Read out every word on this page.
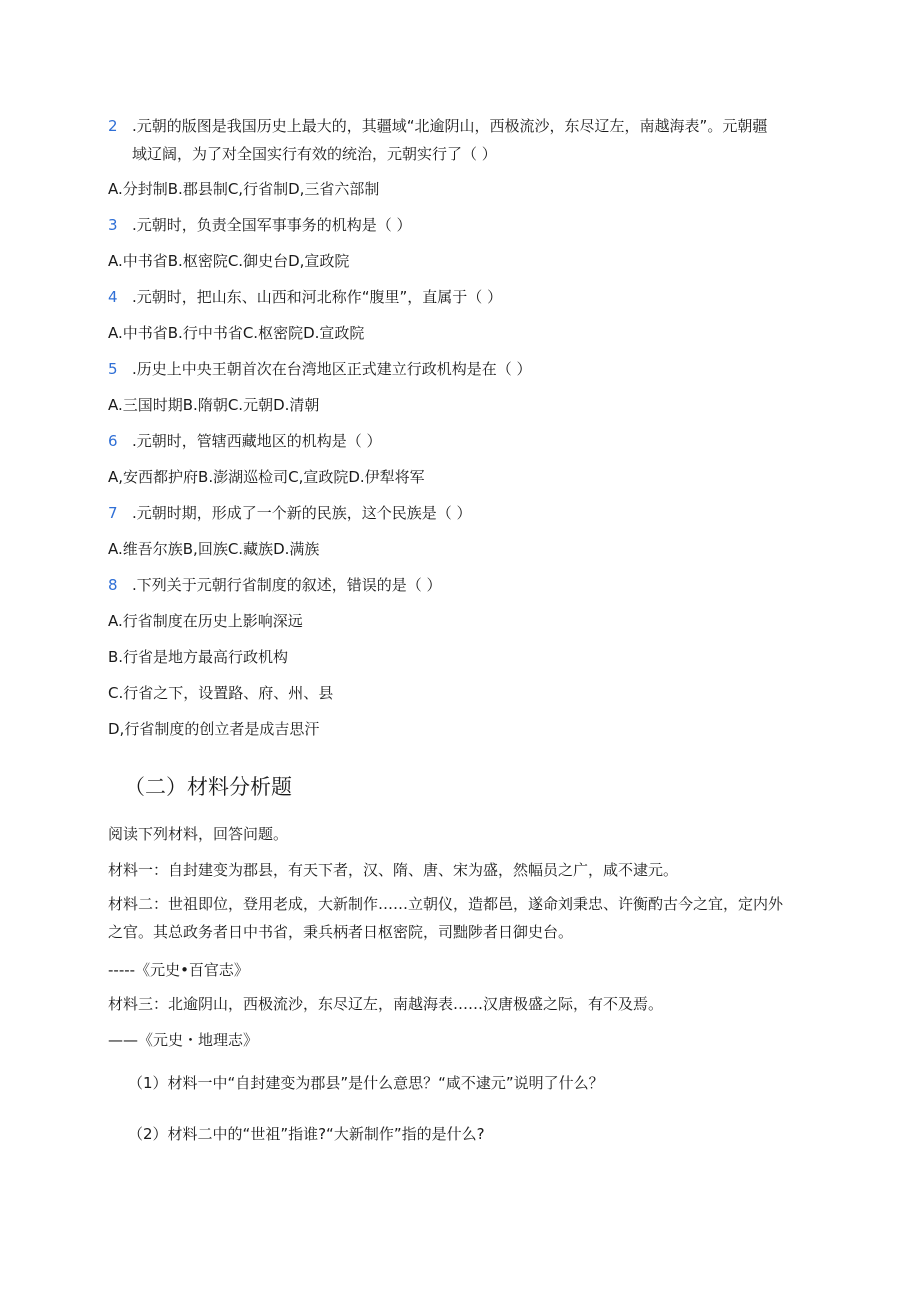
2 .元朝的版图是我国历史上最大的，其疆域“北逾阴山，西极流沙，东尽辽左，南越海表”。元朝疆
域辽阔，为了对全国实行有效的统治，元朝实行了（ ）
A.分封制B.郡县制C,行省制D,三省六部制
3 .元朝时，负责全国军事事务的机构是（ ）
A.中书省B.枢密院C.御史台D,宣政院
4 .元朝时，把山东、山西和河北称作“腹里”，直属于（ ）
A.中书省B.行中书省C.枢密院D.宣政院
5 .历史上中央王朝首次在台湾地区正式建立行政机构是在（ ）
A.三国时期B.隋朝C.元朝D.清朝
6 .元朝时，管辖西藏地区的机构是（ ）
A,安西都护府B.澎湖巡检司C,宣政院D.伊犁将军
7 .元朝时期，形成了一个新的民族，这个民族是（ ）
A.维吾尔族B,回族C.藏族D.满族
8 .下列关于元朝行省制度的叙述，错误的是（ ）
A.行省制度在历史上影响深远
B.行省是地方最高行政机构
C.行省之下，设置路、府、州、县
D,行省制度的创立者是成吉思汗
（二）材料分析题
阅读下列材料，回答问题。
材料一：自封建变为郡县，有天下者，汉、隋、唐、宋为盛，然幅员之广，咸不逮元。
材料二：世祖即位，登用老成，大新制作……立朝仪，造都邑，遂命刘秉忠、许衡酌古今之宜，定内外
之官。其总政务者日中书省，秉兵柄者日枢密院，司黜陟者日御史台。
-----《元史•百官志》
材料三：北逾阴山，西极流沙，东尽辽左，南越海表……汉唐极盛之际，有不及焉。
——《元史・地理志》
（1）材料一中“自封建变为郡县”是什么意思？“咸不逮元”说明了什么？
（2）材料二中的“世祖”指谁?“大新制作”指的是什么?
